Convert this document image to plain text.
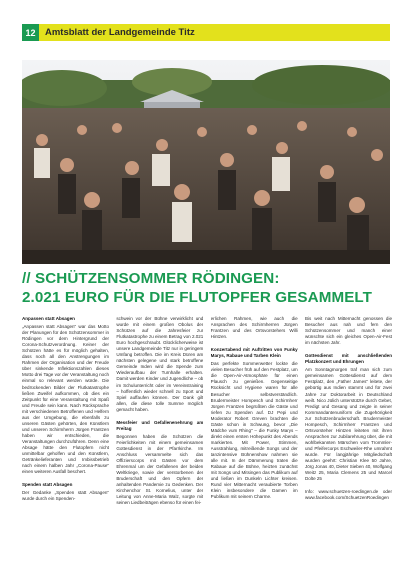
12	Amtsblatt der Landgemeinde Titz
// SCHÜTZENSOMMER RÖDINGEN:
2.021 EURO FÜR DIE FLUTOPFER GESAMMELT

Anpassen statt Absagen

„Anpassen statt Absagen" war das Motto der Planungen für den Schützensommer in Rödingen vor dem Hintergrund der Corona-Schutzverordnung. Keiner der Schützen hätte es für möglich gehalten, dass noch all den Anstrengungen im Rahmen der Organisation und der Freude über sinkende Inflektionszahlen dieses Motto drei Tage vor der Veranstaltung noch einmal so relevant werden würde. Die bedrückenden Bilder der Flutkatastrophe ließen Zweifel aufkommen, ob dies ein Zeitpunkt für eine Veranstaltung mit Spaß und Freude sein kann. Nach Rücksprache mit verschiedenen Betroffenen und Helfern aus der Umgebung, die ebenfalls zu unseren Gästen gehörten, den Künstlern und unseren Schirmherrn Jürgen Frantzen haben wir entschieden, die Veranstaltungen durchzuführen. Denn eine Absage hätte den Flutopfern nicht unmittelbar geholfen und den Künstlern, Getränkelieferanten und Imbissbetrieb nach einem halben Jahr „Corona-Pause" einen weiteren Ausfall beschert.

Spenden statt Absagen

Der Gedanke „Spenden statt Absagen" wurde durch ein Spenden-

schwein vor der Bühne verwirklicht und wurde mit einem großen Obolus der Schützen auf die Jahresfeier zur Flutkatastrophe zu einem Betrag von 2.021 Euro hochgeschraubt. Glücklicherweise ist unsere Landgemeinde Titz nur in geringem Umfang betroffen. Die im Kreis Düren am nächsten gelegene und stark betroffene Gemeinde Inden wird die Spende zum Wiederaufbau der Turnhalle erhalten. Damit werden Kinder und Jugendliche – ob im Schulunterricht oder im Vereinstraining – hoffentlich wieder schnell zu Sport und Spiel auffaufen können. Der Dank gilt allen, die diese tolle Summe möglich gemacht haben.

Messfeier und Gefallenenehrung am Freitag

Begonnen haben die Schützen die Feierlichkeiten mit einem gemeinsamen Gottesdienst in der Pfarrkirche. Im Anschluss versammelte sich das Offizierscorps mit Gästen vor dem Ehrenmal um der Gefallenen der beiden Weltkriege, sowie der verstorbenen der Bruderschaft und den Opfern der anhaltenden Pandemie zu Gedenken. Der Kirchenchor St. Kornelius, unter der Leitung von Anne-Maria Walz, sorgte mit seinen Liedbeiträgen ebenso für einen fei-

erlichen Rahmen, wie auch die Ansprachen des Schirmherren Jürgen Frantzen und des Ortsvorstehers Willi Hintzen.

Konzertabend mit Auftritten von Funky Marys, Rabaue und Tarben Klein

Das perfekte Sommerwetter lockte die vielen Besucher früh auf den Festplatz, um die Open-Air-Atmosphäre für einen Plausch zu genießen. Gegenseitige Rücksicht und Hygiene waren für alle Besucher selbstverständlich. Brudermeister Hompesch und Schirmherr Jürgen Frantzen begrüßten die Gäste und riefen zu Spenden auf. DJ Pepi und Moderator Robert Greven brachten die Gäste schon in Schwung, bevor „Die Mädche vum Rhing" – die Funky Marys – direkt einen ersten Höhepunkt des Abends markierten. Mit Power, Stimmen, Ausstrahlung, mitreißende Songs und der tanzintensive Bühnenshow nahmen sie alle mit. In der Dämmerung traten die Rabaue auf die Bühne, heizten zunächst mit Songs und Mitsingen das Publikum auf und ließen im Dunkeln Lichter kreisen. Rund vier Mitternacht veraubierte Torben Klein insbesondere die Damen im Publikum mit seinem Charme.

Bis weit nach Mitternacht genossen die Besucher aus nah und fern den Schützensommer und manch einer wünschte sich ein gleiches Open-Air-Fest im nächsten Jahr.

Gottesdienst mit anschließenden Platzkonzert und Ehrungen

Am Sonntagmorgen traf man sich zum gemeinsamen Gottesdienst auf dem Festplatz, den „Father James" leitete, der gebürtig aus Indien stammt und für zwei Jahre zur Doktorarbeit in Deutschland weilt. Nico Jülich unterstützte durch Gebet, Predigt und Gesang und zeigte in seiner Kommandantenuniform die Zugehörigkeit zur Schützenbruderschaft. Brudermeister Hompesch, Schirmherr Frantzen und Ortsvorsteher Hintzen leiteten mit ihren Ansprachen zur Jubilarehrung über, die mit wohlbekannten Märschen vom Trommler- und Pfeifercorps Eschweiler-Rhe umrahmt wurde. Für langjährige Mitgliedschaft wurden geehrt: Christian Klee 50 Jahre, Jörg Jonas 40, Dieter Sieben 40, Wolfgang Weitz 25, Maria Clemens 25 und Marcel Dolte 25

Info: www.schuetzen-roedingen.de oder www.facebook.com/SchuetzenRoedingen
